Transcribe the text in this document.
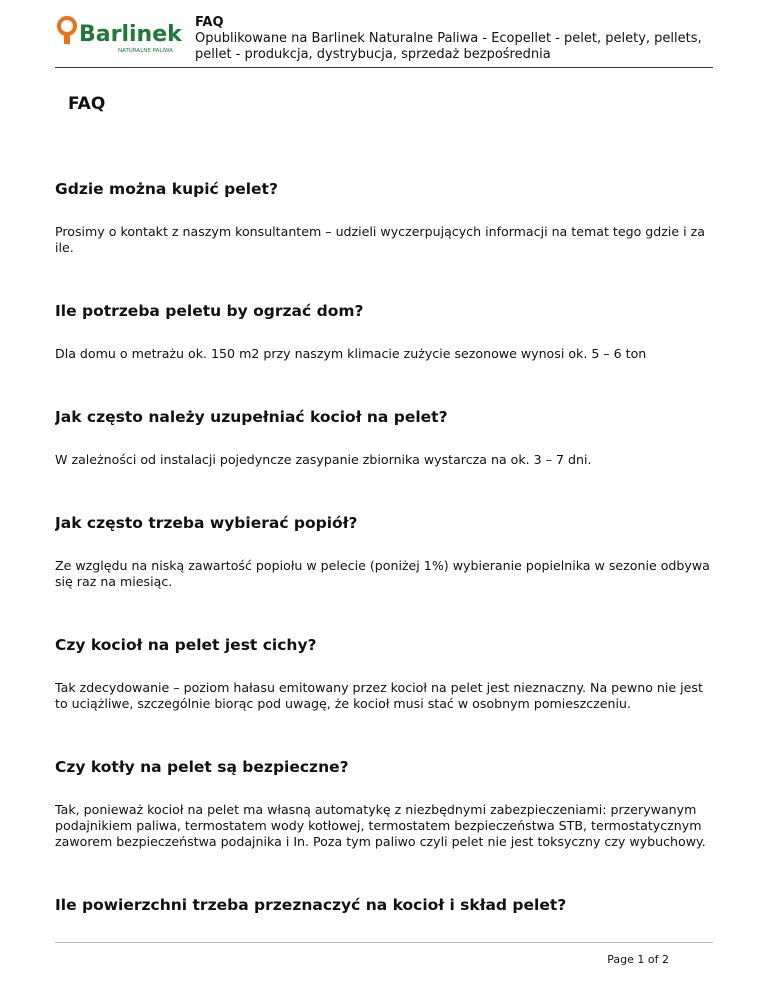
Barlinek
NATURALNE PALIWA

FAQ

Opublikowane na Barlinek Naturalne Paliwa - Ecopellet - pelet, pelety, pellets, pellet - produkcja, dystrybucja, sprzedaż bezpośrednia

FAQ
Gdzie można kupić pelet?

Prosimy o kontakt z naszym konsultantem – udzieli wyczerpujących informacji na temat tego gdzie i za ile.

Ile potrzeba peletu by ogrzać dom?

Dla domu o metrażu ok. 150 m2 przy naszym klimacie zużycie sezonowe wynosi ok. 5 – 6 ton

Jak często należy uzupełniać kocioł na pelet?

W zależności od instalacji pojedyncze zasypanie zbiornika wystarcza na ok. 3 – 7 dni.

Jak często trzeba wybierać popiół?

Ze względu na niską zawartość popiołu w pelecie (poniżej 1%) wybieranie popielnika w sezonie odbywa się raz na miesiąc.

Czy kocioł na pelet jest cichy?

Tak zdecydowanie – poziom hałasu emitowany przez kocioł na pelet jest nieznaczny. Na pewno nie jest to uciążliwe, szczególnie biorąc pod uwagę, że kocioł musi stać w osobnym pomieszczeniu.

Czy kotły na pelet są bezpieczne?

Tak, ponieważ kocioł na pelet ma własną automatykę z niezbędnymi zabezpieczeniami: przerywanym podajnikiem paliwa, termostatem wody kotłowej, termostatem bezpieczeństwa STB, termostatycznym zaworem bezpieczeństwa podajnika i In. Poza tym paliwo czyli pelet nie jest toksyczny czy wybuchowy.

Ile powierzchni trzeba przeznaczyć na kocioł i skład pelet?

Page 1 of 2
